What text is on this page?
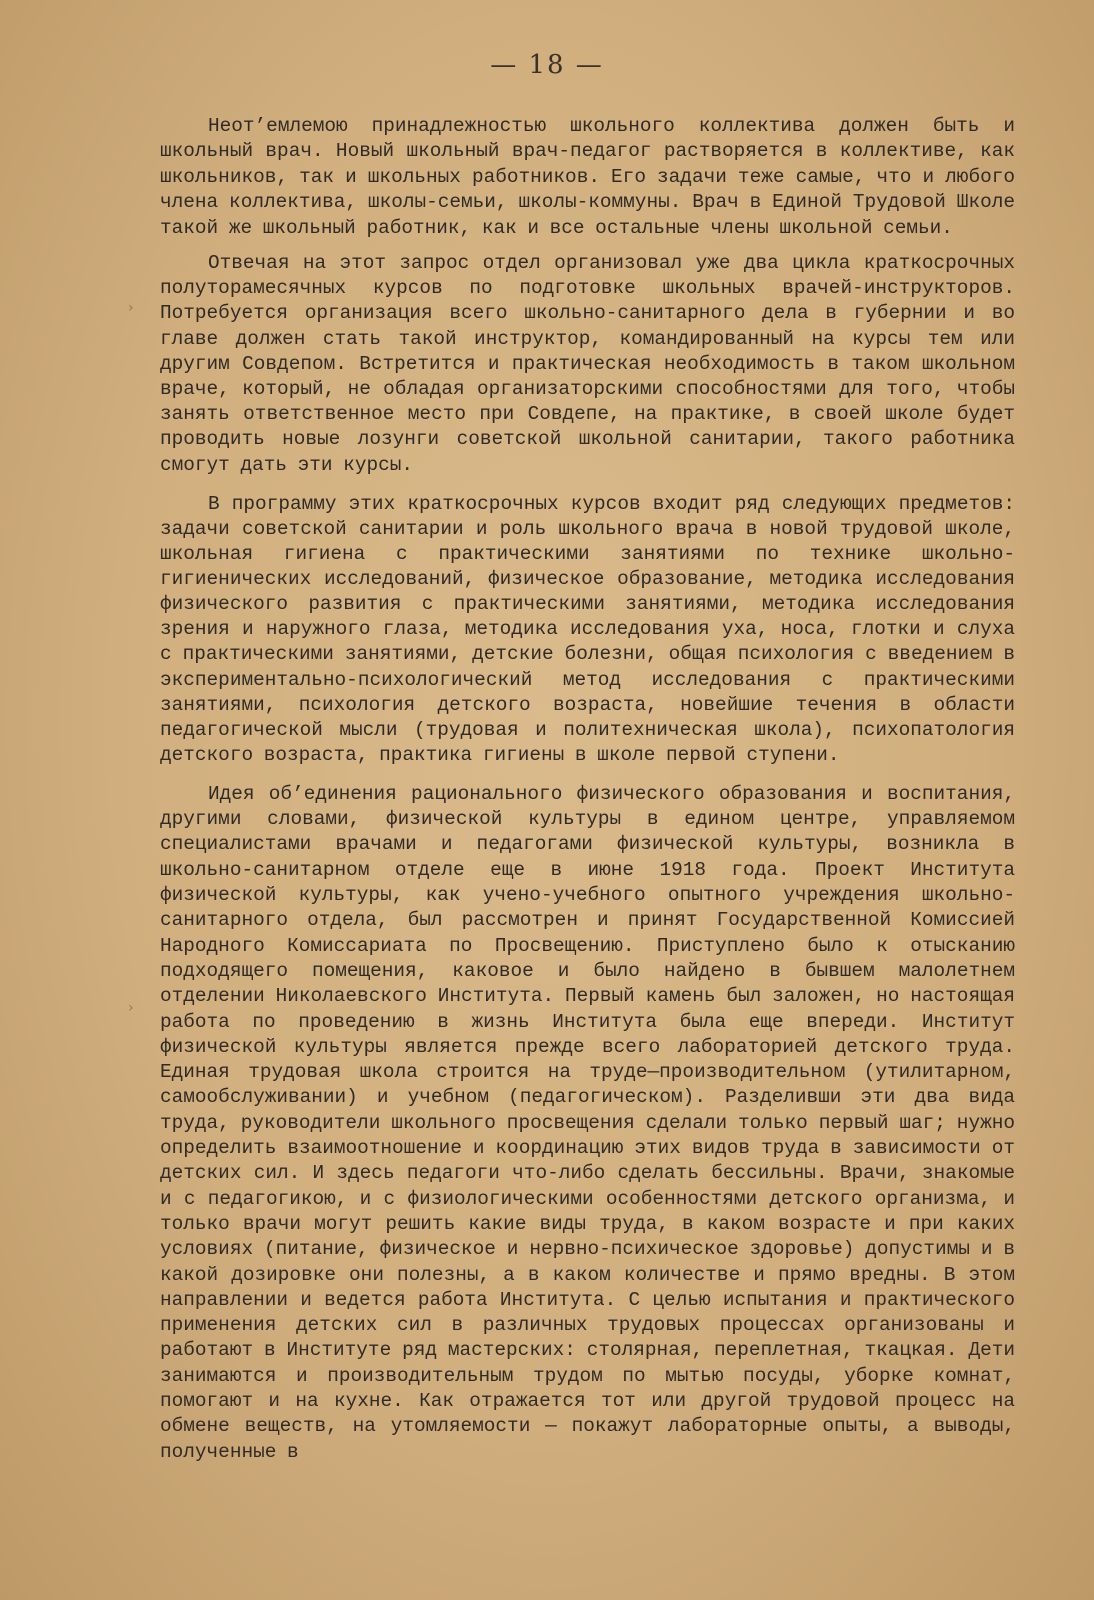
— 18 —

Неот’емлемою принадлежностью школьного коллектива должен быть и школьный врач. Новый школьный врач-педагог растворяется в коллективе, как школьников, так и школьных работников. Его задачи теже самые, что и любого члена коллектива, школы-семьи, школы-коммуны. Врач в Единой Трудовой Школе такой же школьный работник, как и все остальные члены школьной семьи.

Отвечая на этот запрос отдел организовал уже два цикла краткосрочных полуторамесячных курсов по подготовке школьных врачей-инструкторов. Потребуется организация всего школьно-санитарного дела в губернии и во главе должен стать такой инструктор, командированный на курсы тем или другим Совдепом. Встретится и практическая необходимость в таком школьном враче, который, не обладая организаторскими способностями для того, чтобы занять ответственное место при Совдепе, на практике, в своей школе будет проводить новые лозунги советской школьной санитарии, такого работника смогут дать эти курсы.

В программу этих краткосрочных курсов входит ряд следующих предметов: задачи советской санитарии и роль школьного врача в новой трудовой школе, школьная гигиена с практическими занятиями по технике школьно-гигиенических исследований, физическое образование, методика исследования физического развития с практическими занятиями, методика исследования зрения и наружного глаза, методика исследования уха, носа, глотки и слуха с практическими занятиями, детские болезни, общая психология с введением в экспериментально-психологический метод исследования с практическими занятиями, психология детского возраста, новейшие течения в области педагогической мысли (трудовая и политехническая школа), психопатология детского возраста, практика гигиены в школе первой ступени.

Идея об’единения рационального физического образования и воспитания, другими словами, физической культуры в едином центре, управляемом специалистами врачами и педагогами физической культуры, возникла в школьно-санитарном отделе еще в июне 1918 года. Проект Института физической культуры, как учено-учебного опытного учреждения школьно-санитарного отдела, был рассмотрен и принят Государственной Комиссией Народного Комиссариата по Просвещению. Приступлено было к отысканию подходящего помещения, каковое и было найдено в бывшем малолетнем отделении Николаевского Института. Первый камень был заложен, но настоящая работа по проведению в жизнь Института была еще впереди. Институт физической культуры является прежде всего лабораторией детского труда. Единая трудовая школа строится на труде—производительном (утилитарном, самообслуживании) и учебном (педагогическом). Разделивши эти два вида труда, руководители школьного просвещения сделали только первый шаг; нужно определить взаимоотношение и координацию этих видов труда в зависимости от детских сил. И здесь педагоги что-либо сделать бессильны. Врачи, знакомые и с педагогикою, и с физиологическими особенностями детского организма, и только врачи могут решить какие виды труда, в каком возрасте и при каких условиях (питание, физическое и нервно-психическое здоровье) допустимы и в какой дозировке они полезны, а в каком количестве и прямо вредны. В этом направлении и ведется работа Института. С целью испытания и практического применения детских сил в различных трудовых процессах организованы и работают в Институте ряд мастерских: столярная, переплетная, ткацкая. Дети занимаются и производительным трудом по мытью посуды, уборке комнат, помогают и на кухне. Как отражается тот или другой трудовой процесс на обмене веществ, на утомляемости — покажут лабораторные опыты, а выводы, полученные в

›
›
